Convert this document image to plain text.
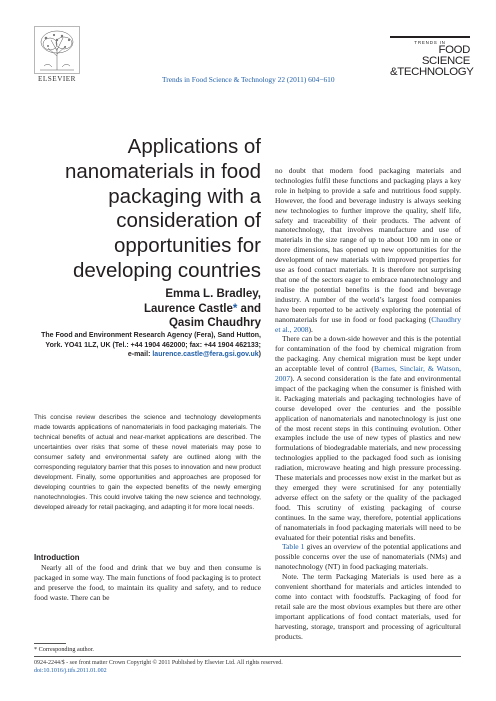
ELSEVIER	Trends in Food Science & Technology 22 (2011) 604−610
TRENDS IN
FOOD SCIENCE
&TECHNOLOGY
Applications of nanomaterials in food packaging with a consideration of opportunities for developing countries
Emma L. Bradley,
Laurence Castle* and
Qasim Chaudhry
The Food and Environment Research Agency (Fera), Sand Hutton, York. YO41 1LZ, UK (Tel.: +44 1904 462000; fax: +44 1904 462133;
e-mail: laurence.castle@fera.gsi.gov.uk)
This concise review describes the science and technology developments made towards applications of nanomaterials in food packaging materials. The technical benefits of actual and near-market applications are described. The uncertainties over risks that some of these novel materials may pose to consumer safety and environmental safety are outlined along with the corresponding regulatory barrier that this poses to innovation and new product development. Finally, some opportunities and approaches are proposed for developing countries to gain the expected benefits of the newly emerging nanotechnologies. This could involve taking the new science and technology, developed already for retail packaging, and adapting it for more local needs.
Introduction
Nearly all of the food and drink that we buy and then consume is packaged in some way. The main functions of food packaging is to protect and preserve the food, to maintain its quality and safety, and to reduce food waste. There can be

no doubt that modern food packaging materials and technologies fulfil these functions and packaging plays a key role in helping to provide a safe and nutritious food supply. However, the food and beverage industry is always seeking new technologies to further improve the quality, shelf life, safety and traceability of their products. The advent of nanotechnology, that involves manufacture and use of materials in the size range of up to about 100 nm in one or more dimensions, has opened up new opportunities for the development of new materials with improved properties for use as food contact materials. It is therefore not surprising that one of the sectors eager to embrace nanotechnology and realise the potential benefits is the food and beverage industry. A number of the world’s largest food companies have been reported to be actively exploring the potential of nanomaterials for use in food or food packaging (Chaudhry et al., 2008).

There can be a down-side however and this is the potential for contamination of the food by chemical migration from the packaging. Any chemical migration must be kept under an acceptable level of control (Barnes, Sinclair, & Watson, 2007). A second consideration is the fate and environmental impact of the packaging when the consumer is finished with it. Packaging materials and packaging technologies have of course developed over the centuries and the possible application of nanomaterials and nanotechnology is just one of the most recent steps in this continuing evolution. Other examples include the use of new types of plastics and new formulations of biodegradable materials, and new processing technologies applied to the packaged food such as ionising radiation, microwave heating and high pressure processing. These materials and processes now exist in the market but as they emerged they were scrutinised for any potentially adverse effect on the safety or the quality of the packaged food. This scrutiny of existing packaging of course continues. In the same way, therefore, potential applications of nanomaterials in food packaging materials will need to be evaluated for their potential risks and benefits.

Table 1 gives an overview of the potential applications and possible concerns over the use of nanomaterials (NMs) and nanotechnology (NT) in food packaging materials.

Note. The term Packaging Materials is used here as a convenient shorthand for materials and articles intended to come into contact with foodstuffs. Packaging of food for retail sale are the most obvious examples but there are other important applications of food contact materials, used for harvesting, storage, transport and processing of agricultural products.

* Corresponding author.
0924-2244/$ - see front matter Crown Copyright © 2011 Published by Elsevier Ltd. All rights reserved.
doi:10.1016/j.tifs.2011.01.002
